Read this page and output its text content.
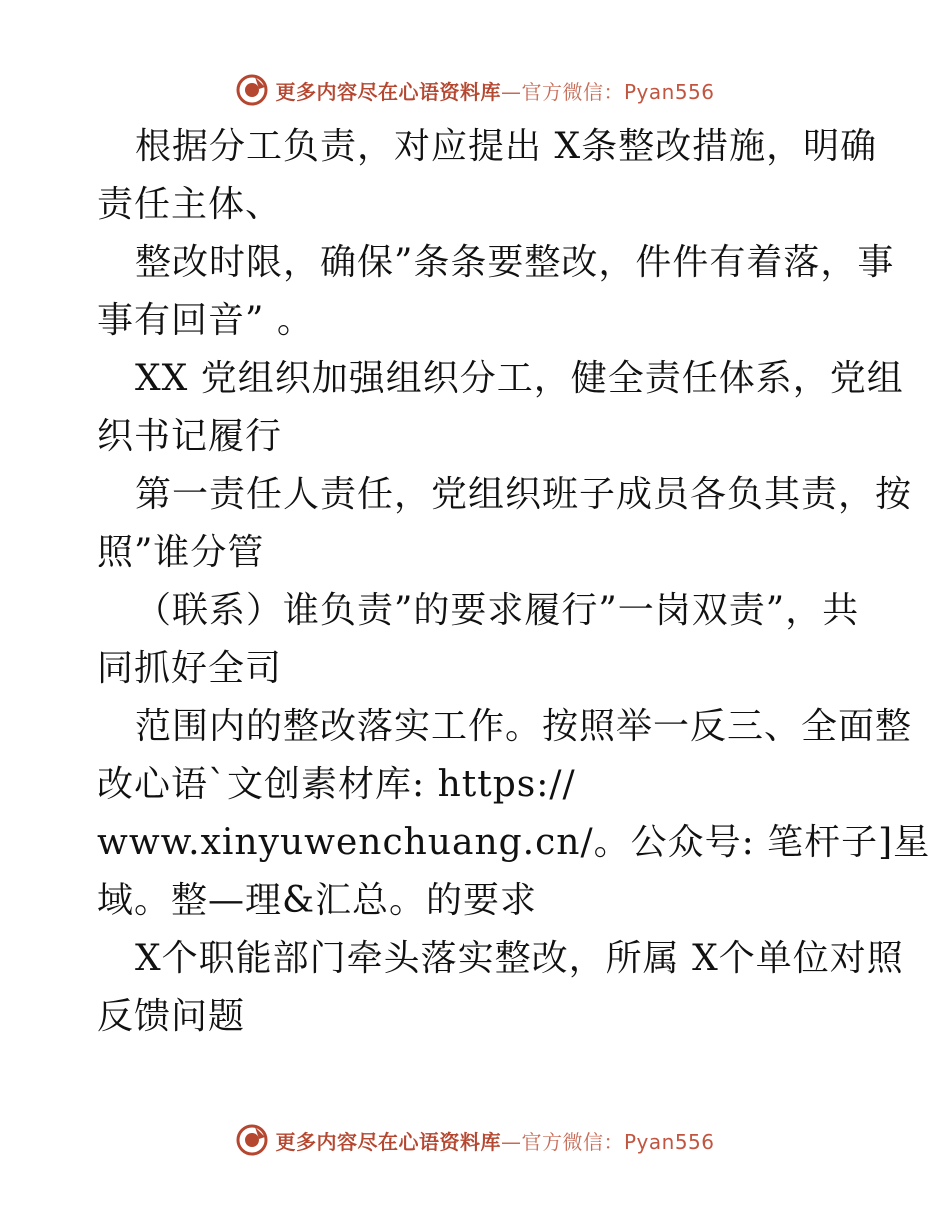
更多内容尽在心语资料库—官方微信：Pyan556
根据分工负责，对应提出 X条整改措施，明确
责任主体、
整改时限，确保”条条要整改，件件有着落，事
事有回音” 。
XX 党组织加强组织分工，健全责任体系，党组
织书记履行
第一责任人责任，党组织班子成员各负其责，按
照”谁分管
（联系）谁负责”的要求履行”一岗双责”，共
同抓好全司
范围内的整改落实工作。按照举一反三、全面整
改心语`文创素材库: https://
www.xinyuwenchuang.cn/。公众号: 笔杆子]星
域。整—理&汇总。的要求
X个职能部门牵头落实整改，所属 X个单位对照
反馈问题
更多内容尽在心语资料库—官方微信：Pyan556
